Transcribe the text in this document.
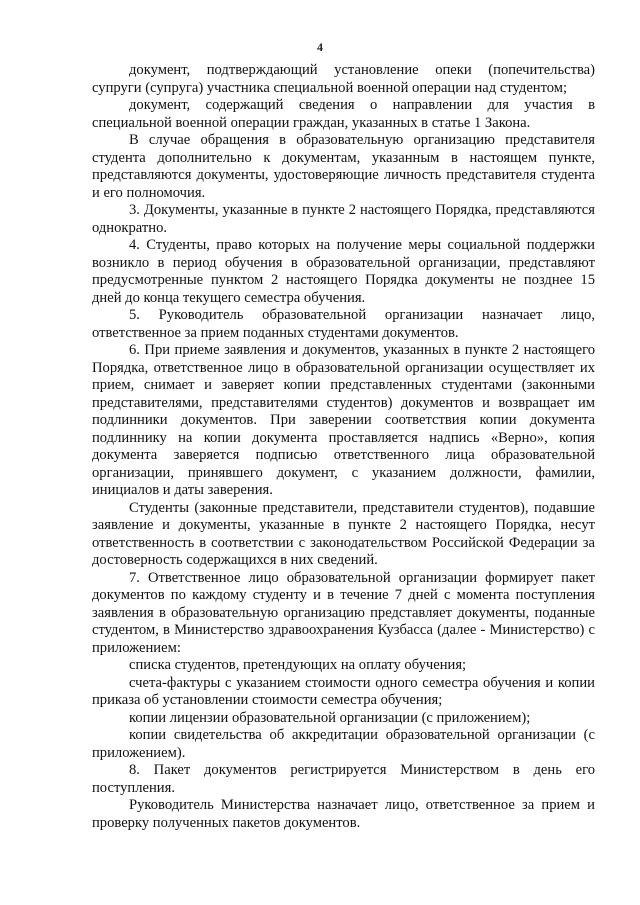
4

документ, подтверждающий установление опеки (попечительства) супруги (супруга) участника специальной военной операции над студентом;

документ, содержащий сведения о направлении для участия в специальной военной операции граждан, указанных в статье 1 Закона.

В случае обращения в образовательную организацию представителя студента дополнительно к документам, указанным в настоящем пункте, представляются документы, удостоверяющие личность представителя студента и его полномочия.

3. Документы, указанные в пункте 2 настоящего Порядка, представляются однократно.

4. Студенты, право которых на получение меры социальной поддержки возникло в период обучения в образовательной организации, представляют предусмотренные пунктом 2 настоящего Порядка документы не позднее 15 дней до конца текущего семестра обучения.

5. Руководитель образовательной организации назначает лицо, ответственное за прием поданных студентами документов.

6. При приеме заявления и документов, указанных в пункте 2 настоящего Порядка, ответственное лицо в образовательной организации осуществляет их прием, снимает и заверяет копии представленных студентами (законными представителями, представителями студентов) документов и возвращает им подлинники документов. При заверении соответствия копии документа подлиннику на копии документа проставляется надпись «Верно», копия документа заверяется подписью ответственного лица образовательной организации, принявшего документ, с указанием должности, фамилии, инициалов и даты заверения.

Студенты (законные представители, представители студентов), подавшие заявление и документы, указанные в пункте 2 настоящего Порядка, несут ответственность в соответствии с законодательством Российской Федерации за достоверность содержащихся в них сведений.

7. Ответственное лицо образовательной организации формирует пакет документов по каждому студенту и в течение 7 дней с момента поступления заявления в образовательную организацию представляет документы, поданные студентом, в Министерство здравоохранения Кузбасса (далее - Министерство) с приложением:

списка студентов, претендующих на оплату обучения;

счета-фактуры с указанием стоимости одного семестра обучения и копии приказа об установлении стоимости семестра обучения;

копии лицензии образовательной организации (с приложением);

копии свидетельства об аккредитации образовательной организации (с приложением).

8. Пакет документов регистрируется Министерством в день его поступления.

Руководитель Министерства назначает лицо, ответственное за прием и проверку полученных пакетов документов.
